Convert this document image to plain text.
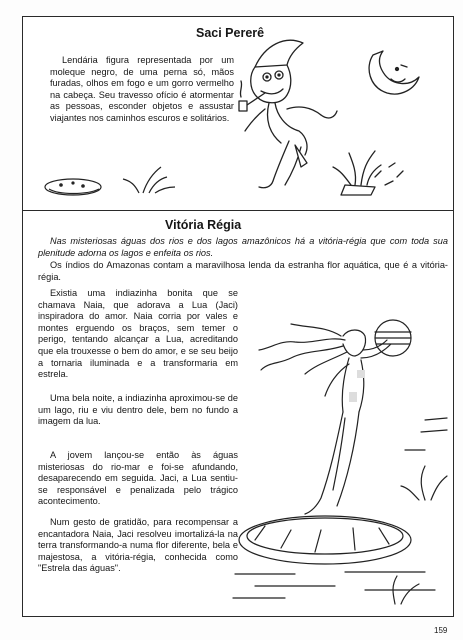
Saci Pererê
Lendária figura representada por um moleque negro, de uma perna só, mãos furadas, olhos em fogo e um gorro vermelho na cabeça. Seu travesso ofício é atormentar as pessoas, esconder objetos e assustar viajantes nos caminhos escuros e solitários.
Vitória Régia

Nas misteriosas águas dos rios e dos lagos amazônicos há a vitória-régia que com toda sua plenitude adorna os lagos e enfeita os rios.

Os índios do Amazonas contam a maravilhosa lenda da estranha flor aquática, que é a vitória-régia.

Existia uma indiazinha bonita que se chamava Naia, que adorava a Lua (Jaci) inspiradora do amor. Naia corria por vales e montes erguendo os braços, sem temer o perigo, tentando alcançar a Lua, acreditando que ela trouxesse o bem do amor, e se seu beijo a tornaria iluminada e a transformaria em estrela.

Uma bela noite, a indiazinha aproximou-se de um lago, riu e viu dentro dele, bem no fundo a imagem da lua.

A jovem lançou-se então às águas misteriosas do rio-mar e foi-se afundando, desaparecendo em seguida. Jaci, a Lua sentiu-se responsável e penalizada pelo trágico acontecimento.

Num gesto de gratidão, para recompensar a encantadora Naia, Jaci resolveu imortalizá-la na terra transformando-a numa flor diferente, bela e majestosa, a vitória-régia, conhecida como "Estrela das águas".

159
